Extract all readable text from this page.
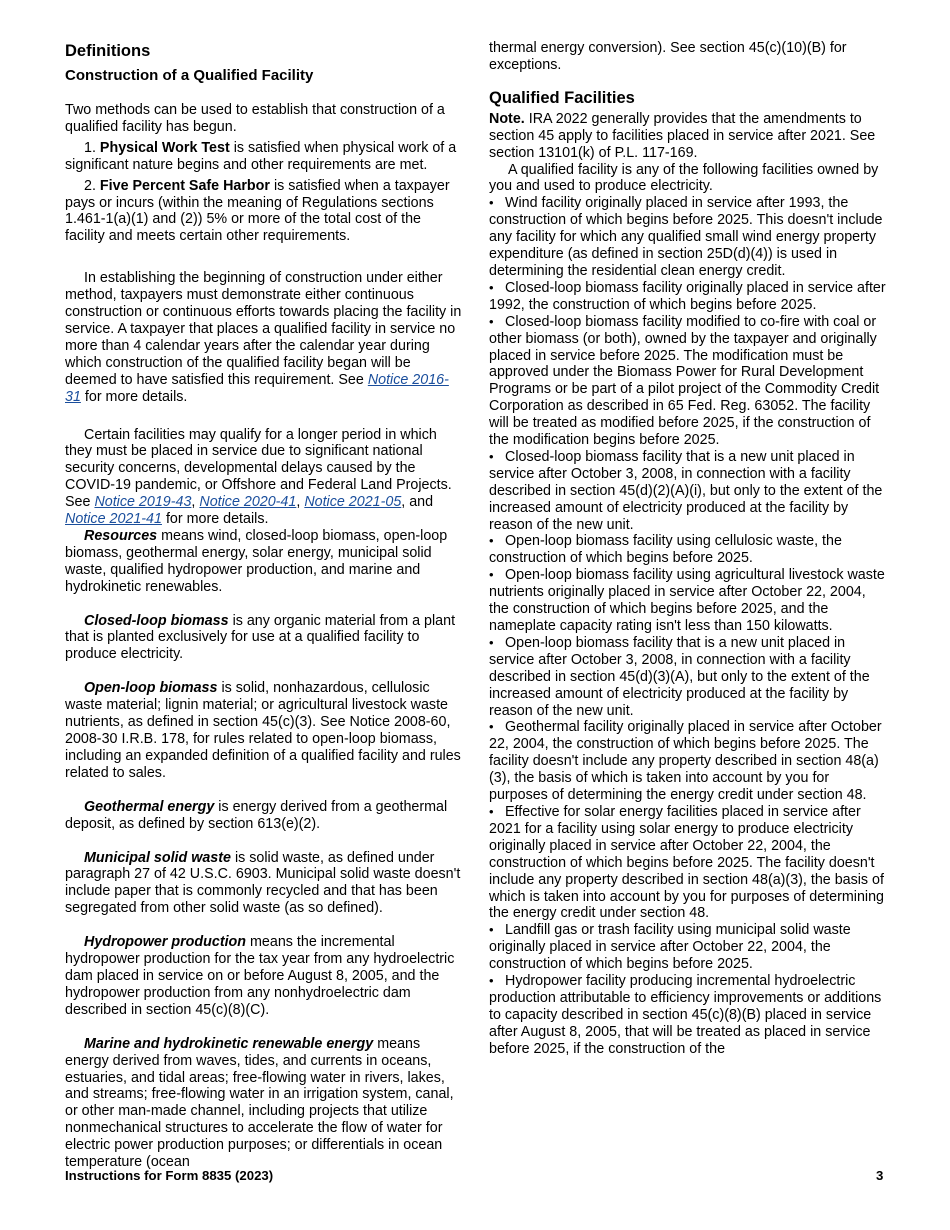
Definitions
Construction of a Qualified Facility

Two methods can be used to establish that construction of a qualified facility has begun.

1. Physical Work Test is satisfied when physical work of a significant nature begins and other requirements are met.

2. Five Percent Safe Harbor is satisfied when a taxpayer pays or incurs (within the meaning of Regulations sections 1.461-1(a)(1) and (2)) 5% or more of the total cost of the facility and meets certain other requirements.

In establishing the beginning of construction under either method, taxpayers must demonstrate either continuous construction or continuous efforts towards placing the facility in service. A taxpayer that places a qualified facility in service no more than 4 calendar years after the calendar year during which construction of the qualified facility began will be deemed to have satisfied this requirement. See Notice 2016-31 for more details.

Certain facilities may qualify for a longer period in which they must be placed in service due to significant national security concerns, developmental delays caused by the COVID-19 pandemic, or Offshore and Federal Land Projects. See Notice 2019-43, Notice 2020-41, Notice 2021-05, and Notice 2021-41 for more details.

Resources means wind, closed-loop biomass, open-loop biomass, geothermal energy, solar energy, municipal solid waste, qualified hydropower production, and marine and hydrokinetic renewables.

Closed-loop biomass is any organic material from a plant that is planted exclusively for use at a qualified facility to produce electricity.

Open-loop biomass is solid, nonhazardous, cellulosic waste material; lignin material; or agricultural livestock waste nutrients, as defined in section 45(c)(3). See Notice 2008-60, 2008-30 I.R.B. 178, for rules related to open-loop biomass, including an expanded definition of a qualified facility and rules related to sales.

Geothermal energy is energy derived from a geothermal deposit, as defined by section 613(e)(2).

Municipal solid waste is solid waste, as defined under paragraph 27 of 42 U.S.C. 6903. Municipal solid waste doesn't include paper that is commonly recycled and that has been segregated from other solid waste (as so defined).

Hydropower production means the incremental hydropower production for the tax year from any hydroelectric dam placed in service on or before August 8, 2005, and the hydropower production from any nonhydroelectric dam described in section 45(c)(8)(C).

Marine and hydrokinetic renewable energy means energy derived from waves, tides, and currents in oceans, estuaries, and tidal areas; free-flowing water in rivers, lakes, and streams; free-flowing water in an irrigation system, canal, or other man-made channel, including projects that utilize nonmechanical structures to accelerate the flow of water for electric power production purposes; or differentials in ocean temperature (ocean

thermal energy conversion). See section 45(c)(10)(B) for exceptions.

Qualified Facilities

Note. IRA 2022 generally provides that the amendments to section 45 apply to facilities placed in service after 2021. See section 13101(k) of P.L. 117-169.

A qualified facility is any of the following facilities owned by you and used to produce electricity.

• Wind facility originally placed in service after 1993, the construction of which begins before 2025. This doesn't include any facility for which any qualified small wind energy property expenditure (as defined in section 25D(d)(4)) is used in determining the residential clean energy credit.

• Closed-loop biomass facility originally placed in service after 1992, the construction of which begins before 2025.

• Closed-loop biomass facility modified to co-fire with coal or other biomass (or both), owned by the taxpayer and originally placed in service before 2025. The modification must be approved under the Biomass Power for Rural Development Programs or be part of a pilot project of the Commodity Credit Corporation as described in 65 Fed. Reg. 63052. The facility will be treated as modified before 2025, if the construction of the modification begins before 2025.

• Closed-loop biomass facility that is a new unit placed in service after October 3, 2008, in connection with a facility described in section 45(d)(2)(A)(i), but only to the extent of the increased amount of electricity produced at the facility by reason of the new unit.

• Open-loop biomass facility using cellulosic waste, the construction of which begins before 2025.

• Open-loop biomass facility using agricultural livestock waste nutrients originally placed in service after October 22, 2004, the construction of which begins before 2025, and the nameplate capacity rating isn't less than 150 kilowatts.

• Open-loop biomass facility that is a new unit placed in service after October 3, 2008, in connection with a facility described in section 45(d)(3)(A), but only to the extent of the increased amount of electricity produced at the facility by reason of the new unit.

• Geothermal facility originally placed in service after October 22, 2004, the construction of which begins before 2025. The facility doesn't include any property described in section 48(a)(3), the basis of which is taken into account by you for purposes of determining the energy credit under section 48.

• Effective for solar energy facilities placed in service after 2021 for a facility using solar energy to produce electricity originally placed in service after October 22, 2004, the construction of which begins before 2025. The facility doesn't include any property described in section 48(a)(3), the basis of which is taken into account by you for purposes of determining the energy credit under section 48.

• Landfill gas or trash facility using municipal solid waste originally placed in service after October 22, 2004, the construction of which begins before 2025.

• Hydropower facility producing incremental hydroelectric production attributable to efficiency improvements or additions to capacity described in section 45(c)(8)(B) placed in service after August 8, 2005, that will be treated as placed in service before 2025, if the construction of the

Instructions for Form 8835 (2023)	3
